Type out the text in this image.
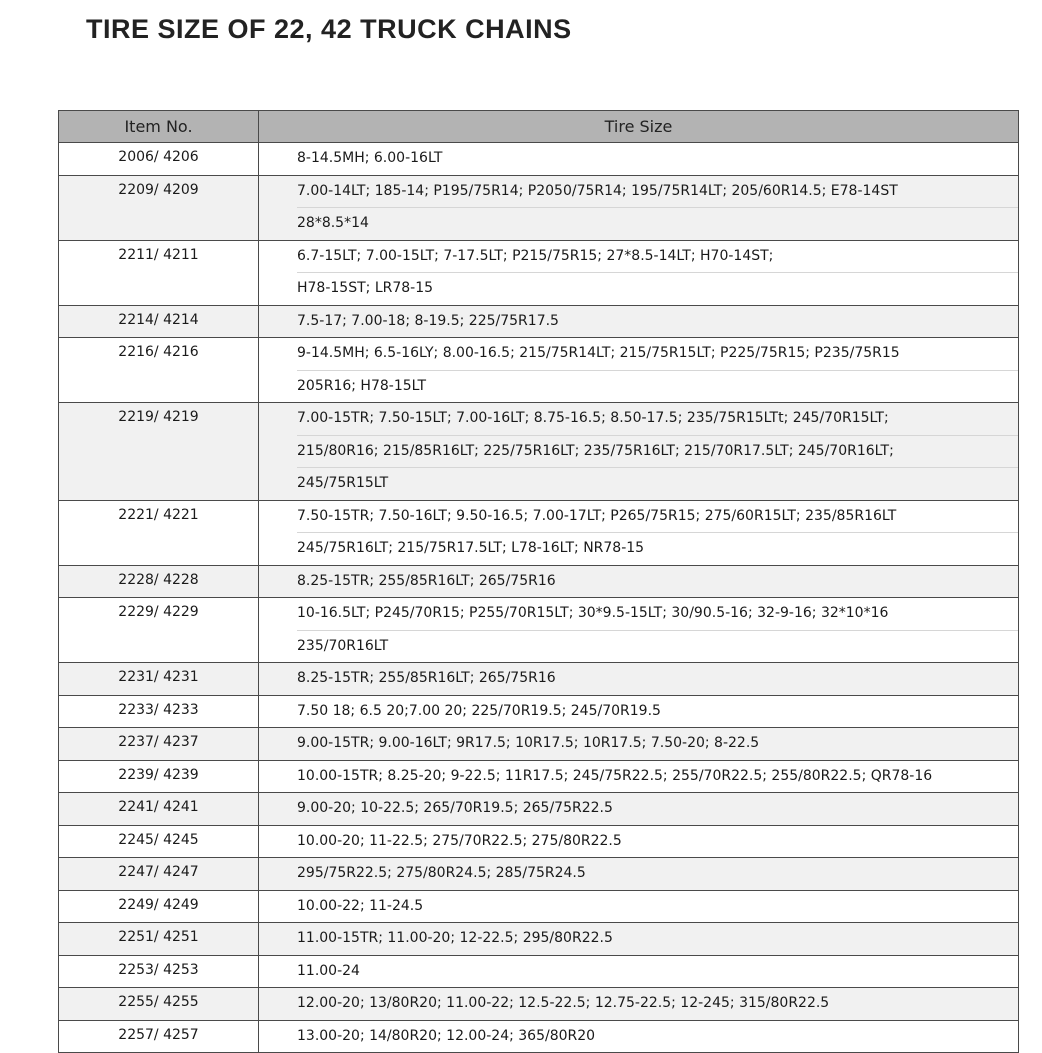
TIRE SIZE OF 22, 42 TRUCK CHAINS
Item No.	Tire Size
2006/ 4206	8-14.5MH; 6.00-16LT

2209/ 4209	7.00-14LT; 185-14; P195/75R14; P2050/75R14; 195/75R14LT; 205/60R14.5; E78-14ST
28*8.5*14

2211/ 4211	6.7-15LT; 7.00-15LT; 7-17.5LT; P215/75R15; 27*8.5-14LT; H70-14ST;
H78-15ST; LR78-15

2214/ 4214	7.5-17; 7.00-18; 8-19.5; 225/75R17.5

2216/ 4216	9-14.5MH; 6.5-16LY; 8.00-16.5; 215/75R14LT; 215/75R15LT; P225/75R15; P235/75R15
205R16; H78-15LT

2219/ 4219	7.00-15TR; 7.50-15LT; 7.00-16LT; 8.75-16.5; 8.50-17.5; 235/75R15LTt; 245/70R15LT;
215/80R16; 215/85R16LT; 225/75R16LT; 235/75R16LT; 215/70R17.5LT; 245/70R16LT;
245/75R15LT

2221/ 4221	7.50-15TR; 7.50-16LT; 9.50-16.5; 7.00-17LT; P265/75R15; 275/60R15LT; 235/85R16LT
245/75R16LT; 215/75R17.5LT; L78-16LT; NR78-15

2228/ 4228	8.25-15TR; 255/85R16LT; 265/75R16

2229/ 4229	10-16.5LT; P245/70R15; P255/70R15LT; 30*9.5-15LT; 30/90.5-16; 32-9-16; 32*10*16
235/70R16LT

2231/ 4231	8.25-15TR; 255/85R16LT; 265/75R16

2233/ 4233	7.50 18; 6.5 20;7.00 20; 225/70R19.5; 245/70R19.5

2237/ 4237	9.00-15TR; 9.00-16LT; 9R17.5; 10R17.5; 10R17.5; 7.50-20; 8-22.5

2239/ 4239	10.00-15TR; 8.25-20; 9-22.5; 11R17.5; 245/75R22.5; 255/70R22.5; 255/80R22.5; QR78-16

2241/ 4241	9.00-20; 10-22.5; 265/70R19.5; 265/75R22.5

2245/ 4245	10.00-20; 11-22.5; 275/70R22.5; 275/80R22.5

2247/ 4247	295/75R22.5; 275/80R24.5; 285/75R24.5

2249/ 4249	10.00-22; 11-24.5

2251/ 4251	11.00-15TR; 11.00-20; 12-22.5; 295/80R22.5

2253/ 4253	11.00-24

2255/ 4255	12.00-20; 13/80R20; 11.00-22; 12.5-22.5; 12.75-22.5; 12-245; 315/80R22.5

2257/ 4257	13.00-20; 14/80R20; 12.00-24; 365/80R20
